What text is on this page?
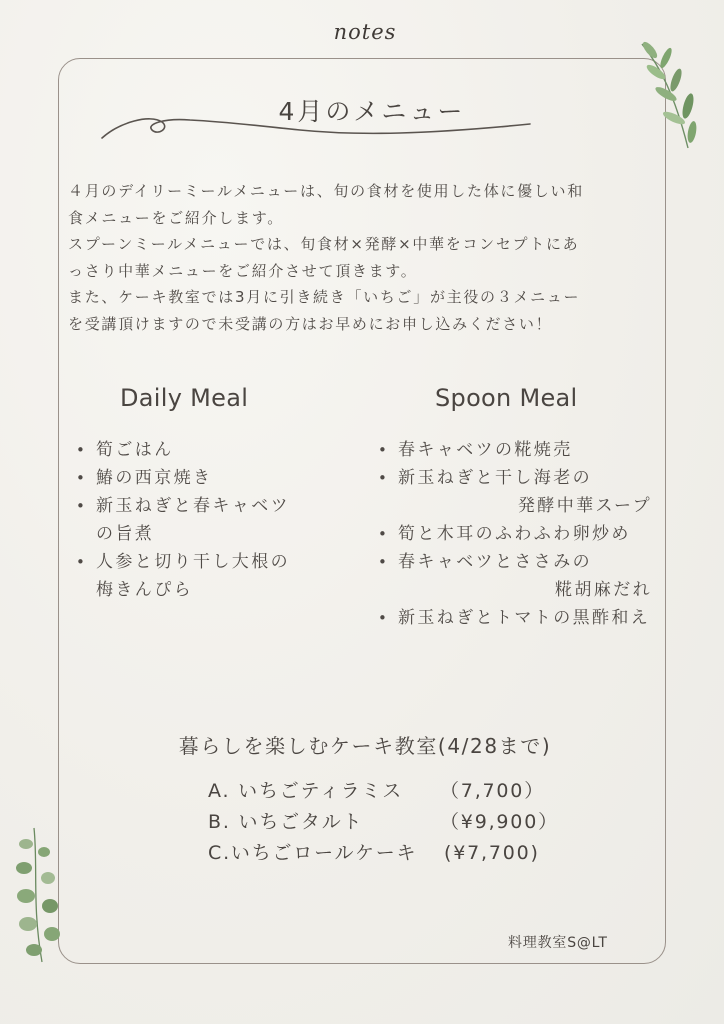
notes
4月のメニュー

４月のデイリーミールメニューは、旬の食材を使用した体に優しい和

食メニューをご紹介します。

スプーンミールメニューでは、旬食材×発酵×中華をコンセプトにあ

っさり中華メニューをご紹介させて頂きます。

また、ケーキ教室では3月に引き続き「いちご」が主役の３メニュー

を受講頂けますので未受講の方はお早めにお申し込みください！

Daily Meal
• 筍ごはん
• 鰆の西京焼き
• 新玉ねぎと春キャベツ
の旨煮
• 人参と切り干し大根の
梅きんぴら
Spoon Meal
• 春キャベツの糀焼売
• 新玉ねぎと干し海老の
発酵中華スープ
• 筍と木耳のふわふわ卵炒め
• 春キャベツとささみの
糀胡麻だれ
• 新玉ねぎとトマトの黒酢和え
暮らしを楽しむケーキ教室(4/28まで)
A. いちごティラミス	（7,700）
B. いちごタルト	（¥9,900）
C.いちごロールケーキ	(¥7,700)
料理教室S@LT
